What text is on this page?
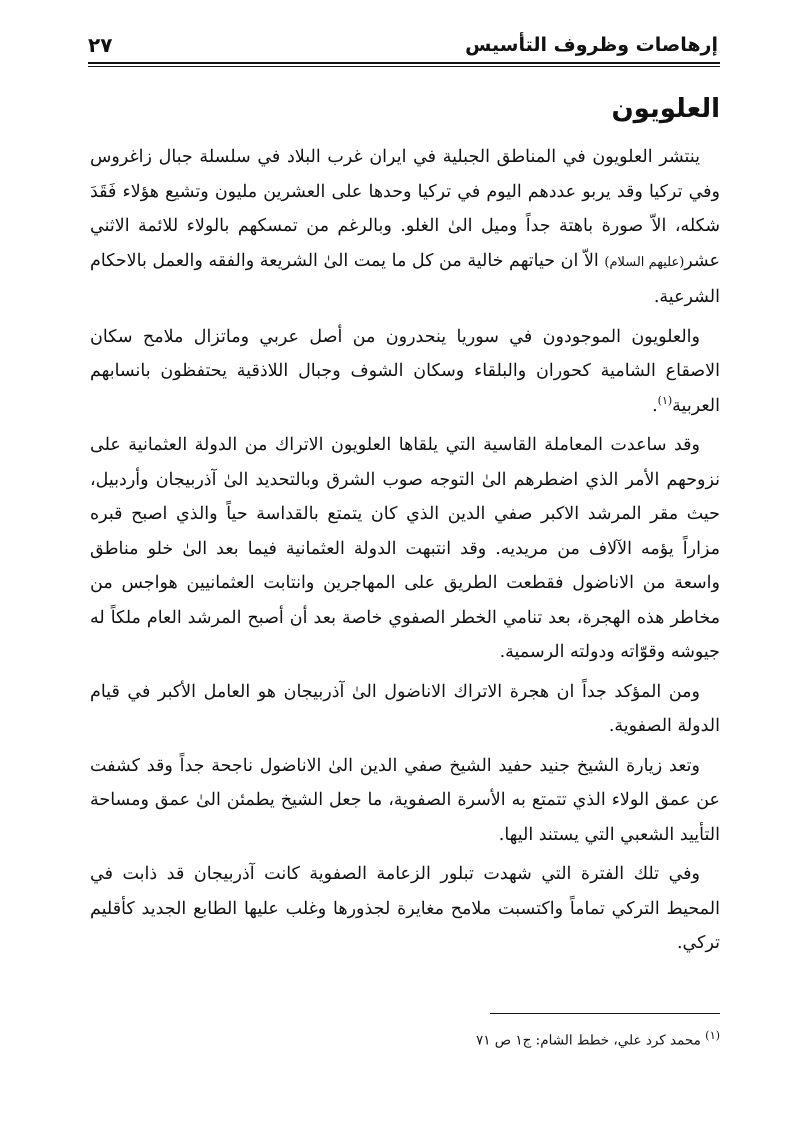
إرهاصات وظروف التأسيس
٢٧
العلويون

ينتشر العلويون في المناطق الجبلية في ايران غرب البلاد في سلسلة جبال زاغروس وفي تركيا وقد يربو عددهم اليوم في تركيا وحدها على العشرين مليون وتشيع هؤلاء فَقَدَ شكله، الاّ صورة باهتة جداً وميل الىٰ الغلو. وبالرغم من تمسكهم بالولاء للائمة الاثني عشر(عليهم السلام) الاّ ان حياتهم خالية من كل ما يمت الىٰ الشريعة والفقه والعمل بالاحكام الشرعية.

والعلويون الموجودون في سوريا ينحدرون من أصل عربي وماتزال ملامح سكان الاصقاع الشامية كحوران والبلقاء وسكان الشوف وجبال اللاذقية يحتفظون بانسابهم العربية$^{(١)}$.

وقد ساعدت المعاملة القاسية التي يلقاها العلويون الاتراك من الدولة العثمانية على نزوحهم الأمر الذي اضطرهم الىٰ التوجه صوب الشرق وبالتحديد الىٰ آذربيجان وأردبيل، حيث مقر المرشد الاكبر صفي الدين الذي كان يتمتع بالقداسة حياً والذي اصبح قبره مزاراً يؤمه الآلاف من مريديه. وقد انتبهت الدولة العثمانية فيما بعد الىٰ خلو مناطق واسعة من الاناضول فقطعت الطريق على المهاجرين وانتابت العثمانيين هواجس من مخاطر هذه الهجرة، بعد تنامي الخطر الصفوي خاصة بعد أن أصبح المرشد العام ملكاً له جيوشه وقوّاته ودولته الرسمية.

ومن المؤكد جداً ان هجرة الاتراك الاناضول الىٰ آذربيجان هو العامل الأكبر في قيام الدولة الصفوية.

وتعد زيارة الشيخ جنيد حفيد الشيخ صفي الدين الىٰ الاناضول ناجحة جداً وقد كشفت عن عمق الولاء الذي تتمتع به الأسرة الصفوية، ما جعل الشيخ يطمئن الىٰ عمق ومساحة التأييد الشعبي التي يستند اليها.

وفي تلك الفترة التي شهدت تبلور الزعامة الصفوية كانت آذربيجان قد ذابت في المحيط التركي تماماً واكتسبت ملامح مغايرة لجذورها وغلب عليها الطابع الجديد كأقليم تركي.

$^{(١)}$ محمد كرد علي، خطط الشام: ج١ ص ٧١
